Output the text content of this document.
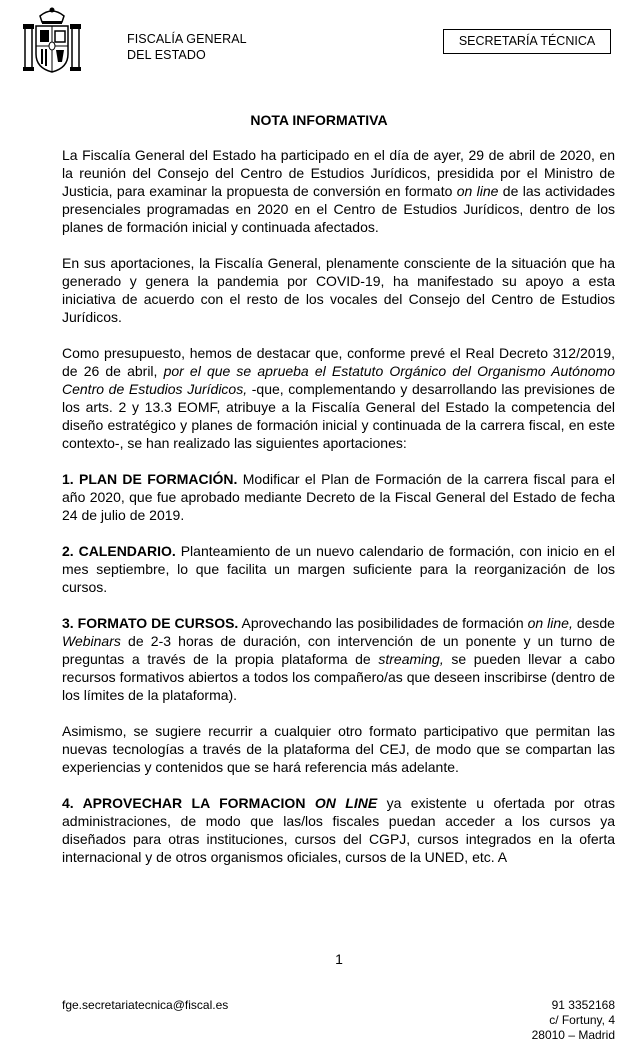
FISCALÍA GENERAL
DEL ESTADO
SECRETARÍA TÉCNICA
NOTA INFORMATIVA

La Fiscalía General del Estado ha participado en el día de ayer, 29 de abril de 2020, en la reunión del Consejo del Centro de Estudios Jurídicos, presidida por el Ministro de Justicia, para examinar la propuesta de conversión en formato on line de las actividades presenciales programadas en 2020 en el Centro de Estudios Jurídicos, dentro de los planes de formación inicial y continuada afectados.

En sus aportaciones, la Fiscalía General, plenamente consciente de la situación que ha generado y genera la pandemia por COVID-19, ha manifestado su apoyo a esta iniciativa de acuerdo con el resto de los vocales del Consejo del Centro de Estudios Jurídicos.

Como presupuesto, hemos de destacar que, conforme prevé el Real Decreto 312/2019, de 26 de abril, por el que se aprueba el Estatuto Orgánico del Organismo Autónomo Centro de Estudios Jurídicos, -que, complementando y desarrollando las previsiones de los arts. 2 y 13.3 EOMF, atribuye a la Fiscalía General del Estado la competencia del diseño estratégico y planes de formación inicial y continuada de la carrera fiscal, en este contexto-, se han realizado las siguientes aportaciones:

1. PLAN DE FORMACIÓN. Modificar el Plan de Formación de la carrera fiscal para el año 2020, que fue aprobado mediante Decreto de la Fiscal General del Estado de fecha 24 de julio de 2019.

2. CALENDARIO. Planteamiento de un nuevo calendario de formación, con inicio en el mes septiembre, lo que facilita un margen suficiente para la reorganización de los cursos.

3. FORMATO DE CURSOS. Aprovechando las posibilidades de formación on line, desde Webinars de 2-3 horas de duración, con intervención de un ponente y un turno de preguntas a través de la propia plataforma de streaming, se pueden llevar a cabo recursos formativos abiertos a todos los compañero/as que deseen inscribirse (dentro de los límites de la plataforma).

Asimismo, se sugiere recurrir a cualquier otro formato participativo que permitan las nuevas tecnologías a través de la plataforma del CEJ, de modo que se compartan las experiencias y contenidos que se hará referencia más adelante.

4. APROVECHAR LA FORMACION ON LINE ya existente u ofertada por otras administraciones, de modo que las/los fiscales puedan acceder a los cursos ya diseñados para otras instituciones, cursos del CGPJ, cursos integrados en la oferta internacional y de otros organismos oficiales, cursos de la UNED, etc. A

1
fge.secretariatecnica@fiscal.es	91 3352168
c/ Fortuny, 4
28010 – Madrid
